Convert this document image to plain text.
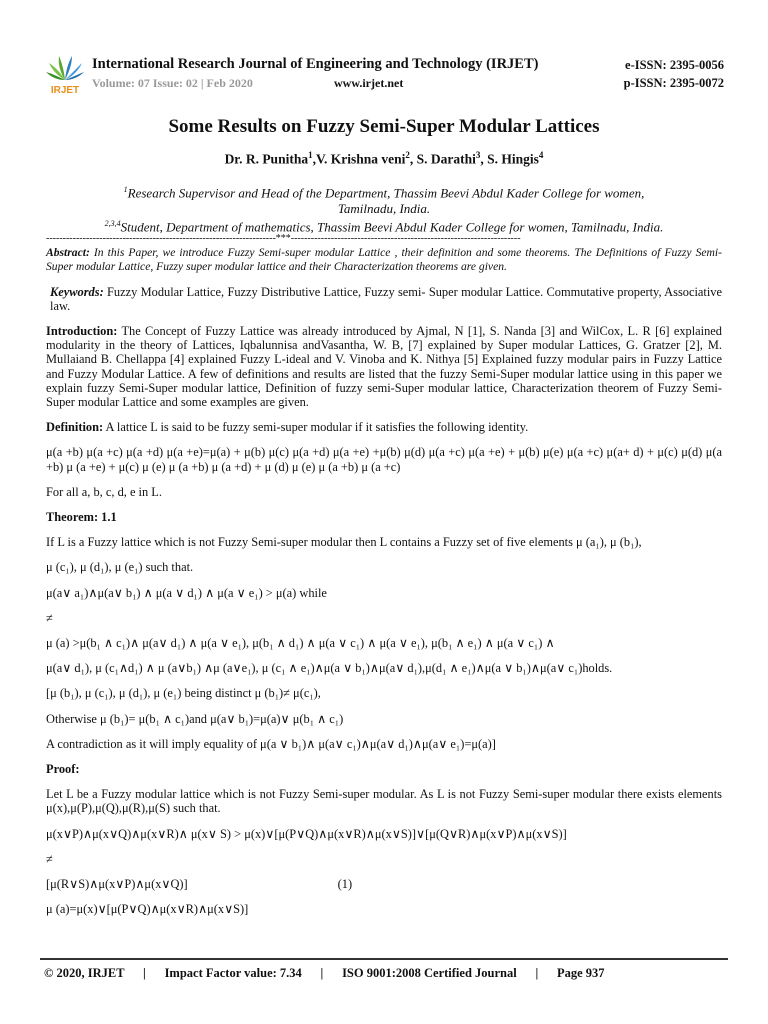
IRJET
International Research Journal of Engineering and Technology (IRJET)
Volume: 07 Issue: 02 | Feb 2020	www.irjet.net
e-ISSN: 2395-0056
p-ISSN: 2395-0072
Some Results on Fuzzy Semi-Super Modular Lattices
Dr. R. Punitha$^1$,V. Krishna veni$^2$, S. Darathi$^3$, S. Hingis$^4$
$^1$Research Supervisor and Head of the Department, Thassim Beevi Abdul Kader College for women,
Tamilnadu, India.
$^{2,3,4}$Student, Department of mathematics, Thassim Beevi Abdul Kader College for women, Tamilnadu, India.
---------------------------------------------------------------------***---------------------------------------------------------------------

Abstract: In this Paper, we introduce Fuzzy Semi-super modular Lattice , their definition and some theorems. The Definitions of Fuzzy Semi-Super modular Lattice, Fuzzy super modular lattice and their Characterization theorems are given.

Keywords: Fuzzy Modular Lattice, Fuzzy Distributive Lattice, Fuzzy semi- Super modular Lattice. Commutative property, Associative law.

Introduction: The Concept of Fuzzy Lattice was already introduced by Ajmal, N [1], S. Nanda [3] and WilCox, L. R [6] explained modularity in the theory of Lattices, Iqbalunnisa andVasantha, W. B, [7] explained by Super modular Lattices, G. Gratzer [2], M. Mullaiand B. Chellappa [4] explained Fuzzy L-ideal and V. Vinoba and K. Nithya [5] Explained fuzzy modular pairs in Fuzzy Lattice and Fuzzy Modular Lattice. A few of definitions and results are listed that the fuzzy Semi-Super modular lattice using in this paper we explain fuzzy Semi-Super modular lattice, Definition of fuzzy semi-Super modular lattice, Characterization theorem of Fuzzy Semi-Super modular Lattice and some examples are given.

Definition: A lattice L is said to be fuzzy semi-super modular if it satisfies the following identity.

μ(a +b) μ(a +c) μ(a +d) μ(a +e)=μ(a) + μ(b) μ(c) μ(a +d) μ(a +e) +μ(b) μ(d) μ(a +c) μ(a +e) + μ(b) μ(e) μ(a +c) μ(a+ d) + μ(c) μ(d) μ(a +b) μ (a +e) + μ(c) μ (e) μ (a +b) μ (a +d) + μ (d) μ (e) μ (a +b) μ (a +c)

For all a, b, c, d, e in L.

Theorem: 1.1

If L is a Fuzzy lattice which is not Fuzzy Semi-super modular then L contains a Fuzzy set of five elements μ (a₁), μ (b₁),

μ (c₁), μ (d₁), μ (e₁) such that.

μ(a∨ a₁)∧μ(a∨ b₁) ∧ μ(a ∨ d₁) ∧ μ(a ∨ e₁) > μ(a) while

≠

μ (a) >μ(b₁ ∧ c₁)∧ μ(a∨ d₁) ∧ μ(a ∨ e₁), μ(b₁ ∧ d₁) ∧ μ(a ∨ c₁) ∧ μ(a ∨ e₁), μ(b₁ ∧ e₁) ∧ μ(a ∨ c₁) ∧

μ(a∨ d₁), μ (c₁∧d₁) ∧ μ (a∨b₁) ∧μ (a∨e₁), μ (c₁ ∧ e₁)∧μ(a ∨ b₁)∧μ(a∨ d₁),μ(d₁ ∧ e₁)∧μ(a ∨ b₁)∧μ(a∨ c₁)holds.

[μ (b₁), μ (c₁), μ (d₁), μ (e₁) being distinct μ (b₁)≠ μ(c₁),

Otherwise μ (b₁)= μ(b₁ ∧ c₁)and μ(a∨ b₁)=μ(a)∨ μ(b₁ ∧ c₁)

A contradiction as it will imply equality of μ(a ∨ b₁)∧ μ(a∨ c₁)∧μ(a∨ d₁)∧μ(a∨ e₁)=μ(a)]

Proof:

Let L be a Fuzzy modular lattice which is not Fuzzy Semi-super modular. As L is not Fuzzy Semi-super modular there exists elements μ(x),μ(P),μ(Q),μ(R),μ(S) such that.

μ(x∨P)∧μ(x∨Q)∧μ(x∨R)∧ μ(x∨ S) > μ(x)∨[μ(P∨Q)∧μ(x∨R)∧μ(x∨S)]∨[μ(Q∨R)∧μ(x∨P)∧μ(x∨S)]

≠

[μ(R∨S)∧μ(x∨P)∧μ(x∨Q)]	(1)

μ (a)=μ(x)∨[μ(P∨Q)∧μ(x∨R)∧μ(x∨S)]

© 2020, IRJET | Impact Factor value: 7.34 | ISO 9001:2008 Certified Journal | Page 937
